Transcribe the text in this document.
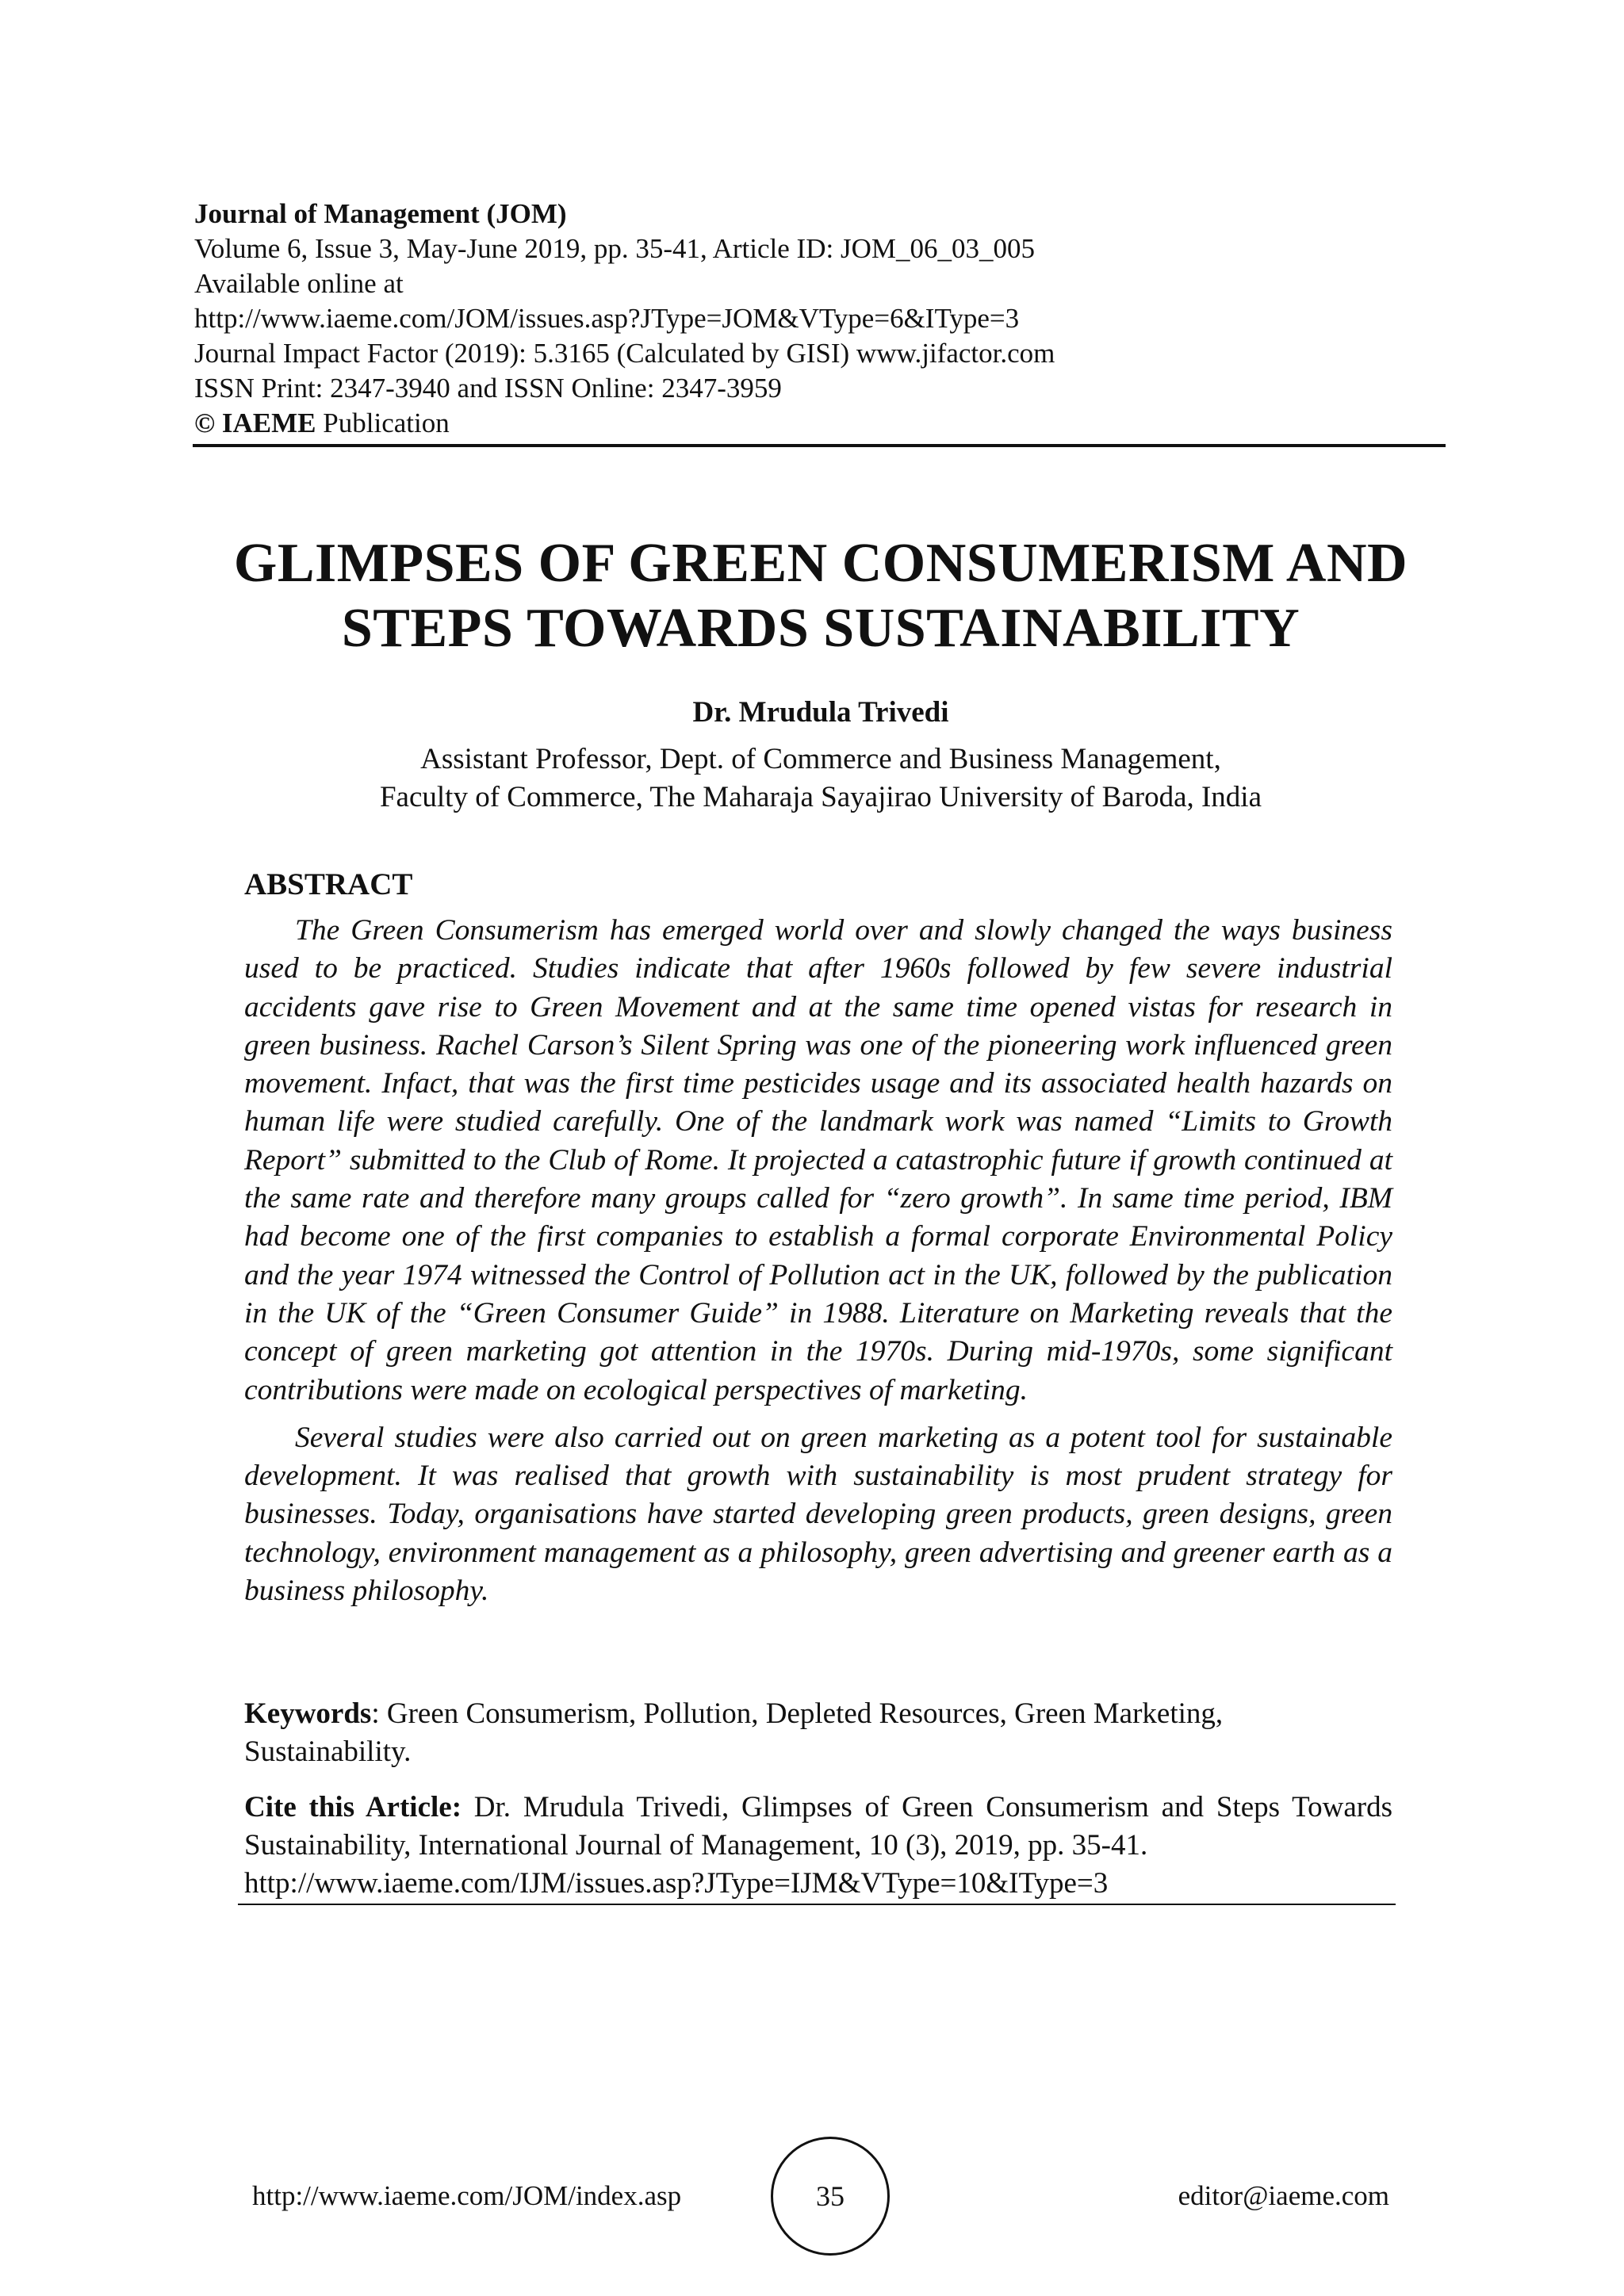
Journal of Management (JOM)
Volume 6, Issue 3, May-June 2019, pp. 35-41, Article ID: JOM_06_03_005
Available online at
http://www.iaeme.com/JOM/issues.asp?JType=JOM&VType=6&IType=3
Journal Impact Factor (2019): 5.3165 (Calculated by GISI) www.jifactor.com
ISSN Print: 2347-3940 and ISSN Online: 2347-3959
© IAEME Publication
GLIMPSES OF GREEN CONSUMERISM AND
STEPS TOWARDS SUSTAINABILITY
Dr. Mrudula Trivedi
Assistant Professor, Dept. of Commerce and Business Management,
Faculty of Commerce, The Maharaja Sayajirao University of Baroda, India
ABSTRACT

The Green Consumerism has emerged world over and slowly changed the ways business used to be practiced. Studies indicate that after 1960s followed by few severe industrial accidents gave rise to Green Movement and at the same time opened vistas for research in green business. Rachel Carson’s Silent Spring was one of the pioneering work influenced green movement. Infact, that was the first time pesticides usage and its associated health hazards on human life were studied carefully. One of the landmark work was named “Limits to Growth Report” submitted to the Club of Rome. It projected a catastrophic future if growth continued at the same rate and therefore many groups called for “zero growth”. In same time period, IBM had become one of the first companies to establish a formal corporate Environmental Policy and the year 1974 witnessed the Control of Pollution act in the UK, followed by the publication in the UK of the “Green Consumer Guide” in 1988. Literature on Marketing reveals that the concept of green marketing got attention in the 1970s. During mid-1970s, some significant contributions were made on ecological perspectives of marketing.

Several studies were also carried out on green marketing as a potent tool for sustainable development. It was realised that growth with sustainability is most prudent strategy for businesses. Today, organisations have started developing green products, green designs, green technology, environment management as a philosophy, green advertising and greener earth as a business philosophy.

Keywords: Green Consumerism, Pollution, Depleted Resources, Green Marketing, Sustainability.
Cite this Article: Dr. Mrudula Trivedi, Glimpses of Green Consumerism and Steps Towards Sustainability, International Journal of Management, 10 (3), 2019, pp. 35-41.
http://www.iaeme.com/IJM/issues.asp?JType=IJM&VType=10&IType=3
http://www.iaeme.com/JOM/index.asp	35	editor@iaeme.com
